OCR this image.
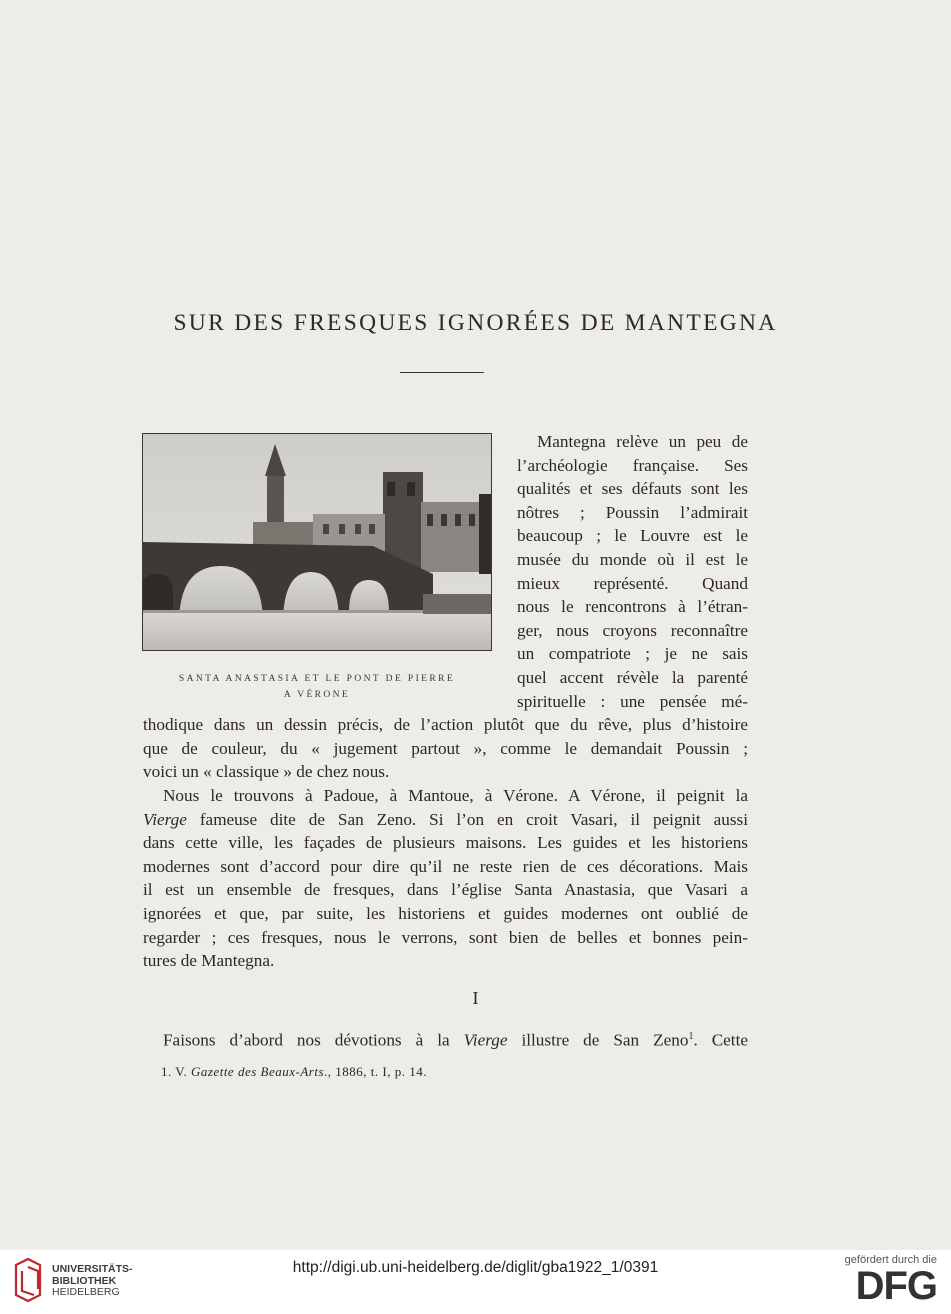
SUR DES FRESQUES IGNORÉES DE MANTEGNA
SANTA ANASTASIA ET LE PONT DE PIERRE
A VÉRONE
Mantegna relève un peu de
l’archéologie française. Ses
qualités et ses défauts sont les
nôtres ; Poussin l’admirait
beaucoup ; le Louvre est le
musée du monde où il est le
mieux représenté. Quand
nous le rencontrons à l’étran-
ger, nous croyons reconnaître
un compatriote ; je ne sais
quel accent révèle la parenté
spirituelle : une pensée mé-
thodique dans un dessin précis, de l’action plutôt que du rêve, plus d’histoire
que de couleur, du « jugement partout », comme le demandait Poussin ;
voici un « classique » de chez nous.
Nous le trouvons à Padoue, à Mantoue, à Vérone. A Vérone, il peignit la
Vierge fameuse dite de San Zeno. Si l’on en croit Vasari, il peignit aussi
dans cette ville, les façades de plusieurs maisons. Les guides et les historiens
modernes sont d’accord pour dire qu’il ne reste rien de ces décorations. Mais
il est un ensemble de fresques, dans l’église Santa Anastasia, que Vasari a
ignorées et que, par suite, les historiens et guides modernes ont oublié de
regarder ; ces fresques, nous le verrons, sont bien de belles et bonnes pein-
tures de Mantegna.
I
Faisons d’abord nos dévotions à la Vierge illustre de San Zeno$^1$. Cette
1. V. Gazette des Beaux-Arts., 1886, t. I, p. 14.
UNIVERSITÄTS-
BIBLIOTHEK
HEIDELBERG
http://digi.ub.uni-heidelberg.de/diglit/gba1922_1/0391	gefördert durch die
DFG
